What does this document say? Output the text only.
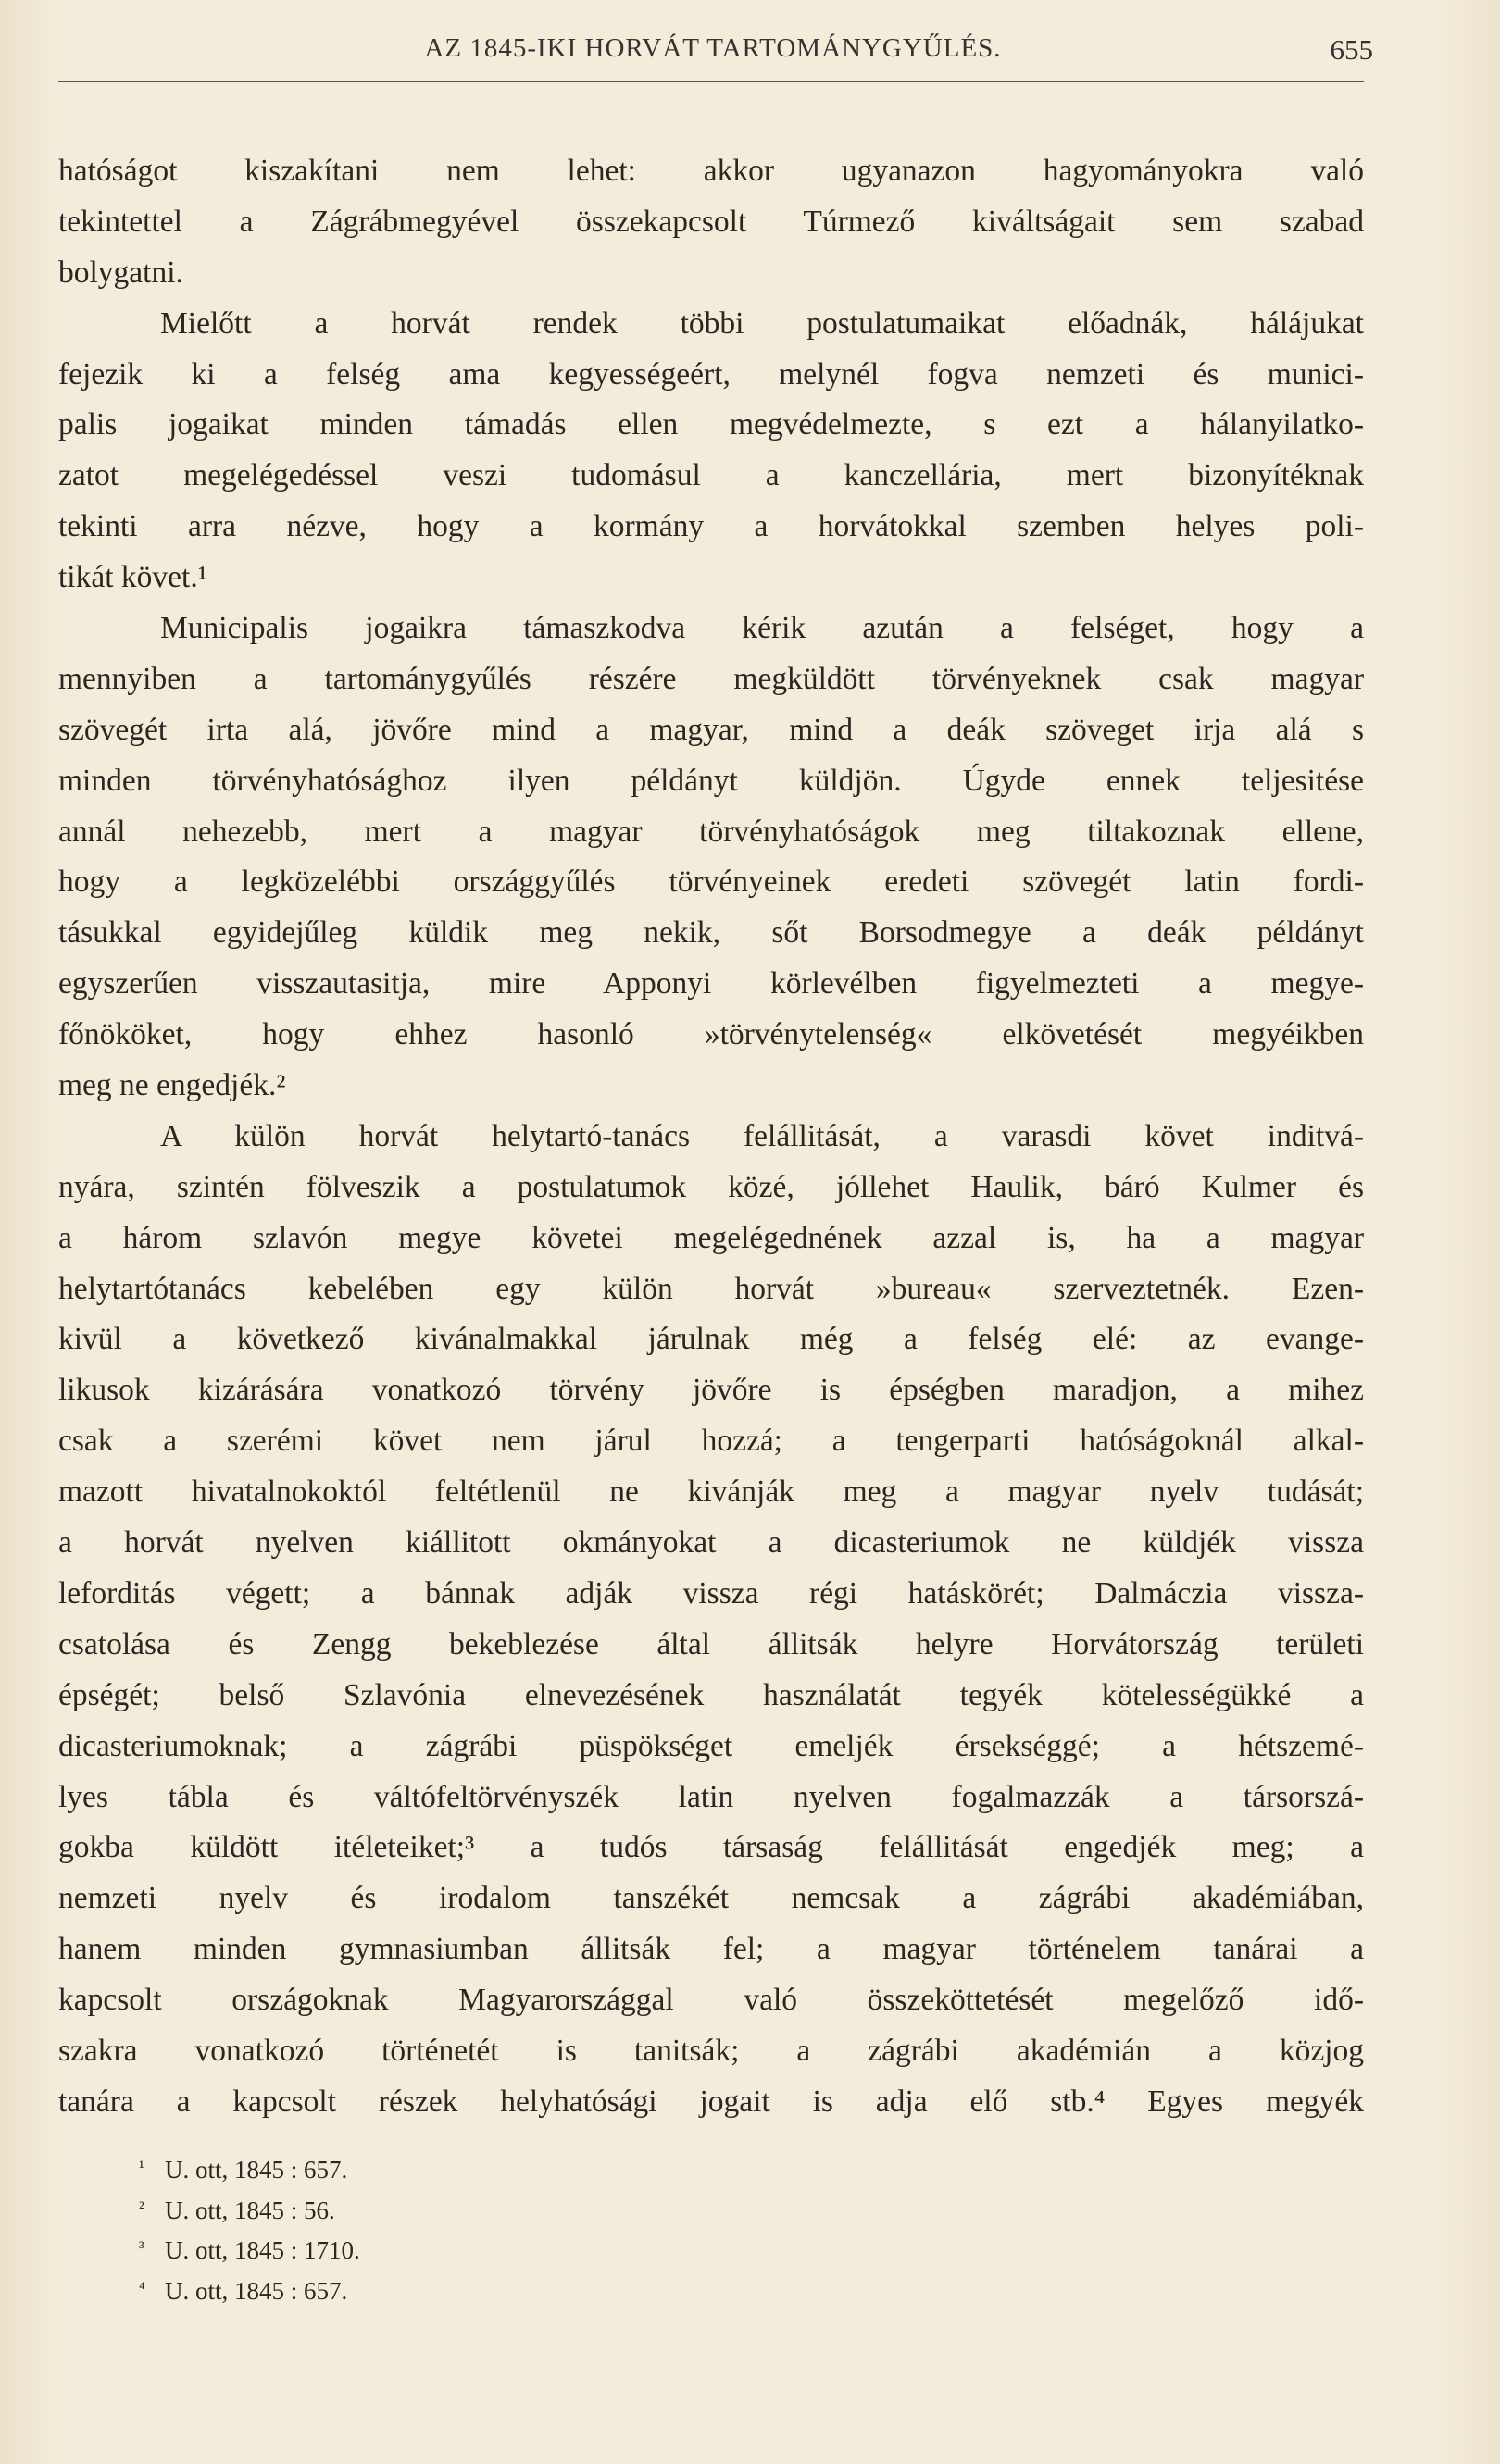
AZ 1845-IKI HORVÁT TARTOMÁNYGYŰLÉS.	655
hatóságot kiszakítani nem lehet: akkor ugyanazon hagyományokra való
tekintettel a Zágrábmegyével összekapcsolt Túrmező kiváltságait sem szabad
bolygatni.
Mielőtt a horvát rendek többi postulatumaikat előadnák, hálájukat
fejezik ki a felség ama kegyességeért, melynél fogva nemzeti és munici-
palis jogaikat minden támadás ellen megvédelmezte, s ezt a hálanyilatko-
zatot megelégedéssel veszi tudomásul a kanczellária, mert bizonyítéknak
tekinti arra nézve, hogy a kormány a horvátokkal szemben helyes poli-
tikát követ.¹
Municipalis jogaikra támaszkodva kérik azután a felséget, hogy a
mennyiben a tartománygyűlés részére megküldött törvényeknek csak magyar
szövegét irta alá, jövőre mind a magyar, mind a deák szöveget irja alá s
minden törvényhatósághoz ilyen példányt küldjön. Úgyde ennek teljesitése
annál nehezebb, mert a magyar törvényhatóságok meg tiltakoznak ellene,
hogy a legközelébbi országgyűlés törvényeinek eredeti szövegét latin fordi-
tásukkal egyidejűleg küldik meg nekik, sőt Borsodmegye a deák példányt
egyszerűen visszautasitja, mire Apponyi körlevélben figyelmezteti a megye-
főnököket, hogy ehhez hasonló »törvénytelenség« elkövetését megyéikben
meg ne engedjék.²
A külön horvát helytartó-tanács felállitását, a varasdi követ inditvá-
nyára, szintén fölveszik a postulatumok közé, jóllehet Haulik, báró Kulmer és
a három szlavón megye követei megelégednének azzal is, ha a magyar
helytartótanács kebelében egy külön horvát »bureau« szerveztetnék. Ezen-
kivül a következő kivánalmakkal járulnak még a felség elé: az evange-
likusok kizárására vonatkozó törvény jövőre is épségben maradjon, a mihez
csak a szerémi követ nem járul hozzá; a tengerparti hatóságoknál alkal-
mazott hivatalnokoktól feltétlenül ne kivánják meg a magyar nyelv tudását;
a horvát nyelven kiállitott okmányokat a dicasteriumok ne küldjék vissza
leforditás végett; a bánnak adják vissza régi hatáskörét; Dalmáczia vissza-
csatolása és Zengg bekeblezése által állitsák helyre Horvátország területi
épségét; belső Szlavónia elnevezésének használatát tegyék kötelességükké a
dicasteriumoknak; a zágrábi püspökséget emeljék érsekséggé; a hétszemé-
lyes tábla és váltófeltörvényszék latin nyelven fogalmazzák a társorszá-
gokba küldött itéleteiket;³ a tudós társaság felállitását engedjék meg; a
nemzeti nyelv és irodalom tanszékét nemcsak a zágrábi akadémiában,
hanem minden gymnasiumban állitsák fel; a magyar történelem tanárai a
kapcsolt országoknak Magyarországgal való összeköttetését megelőző idő-
szakra vonatkozó történetét is tanitsák; a zágrábi akadémián a közjog
tanára a kapcsolt részek helyhatósági jogait is adja elő stb.⁴ Egyes megyék
¹ U. ott, 1845 : 657.
² U. ott, 1845 : 56.
³ U. ott, 1845 : 1710.
⁴ U. ott, 1845 : 657.
